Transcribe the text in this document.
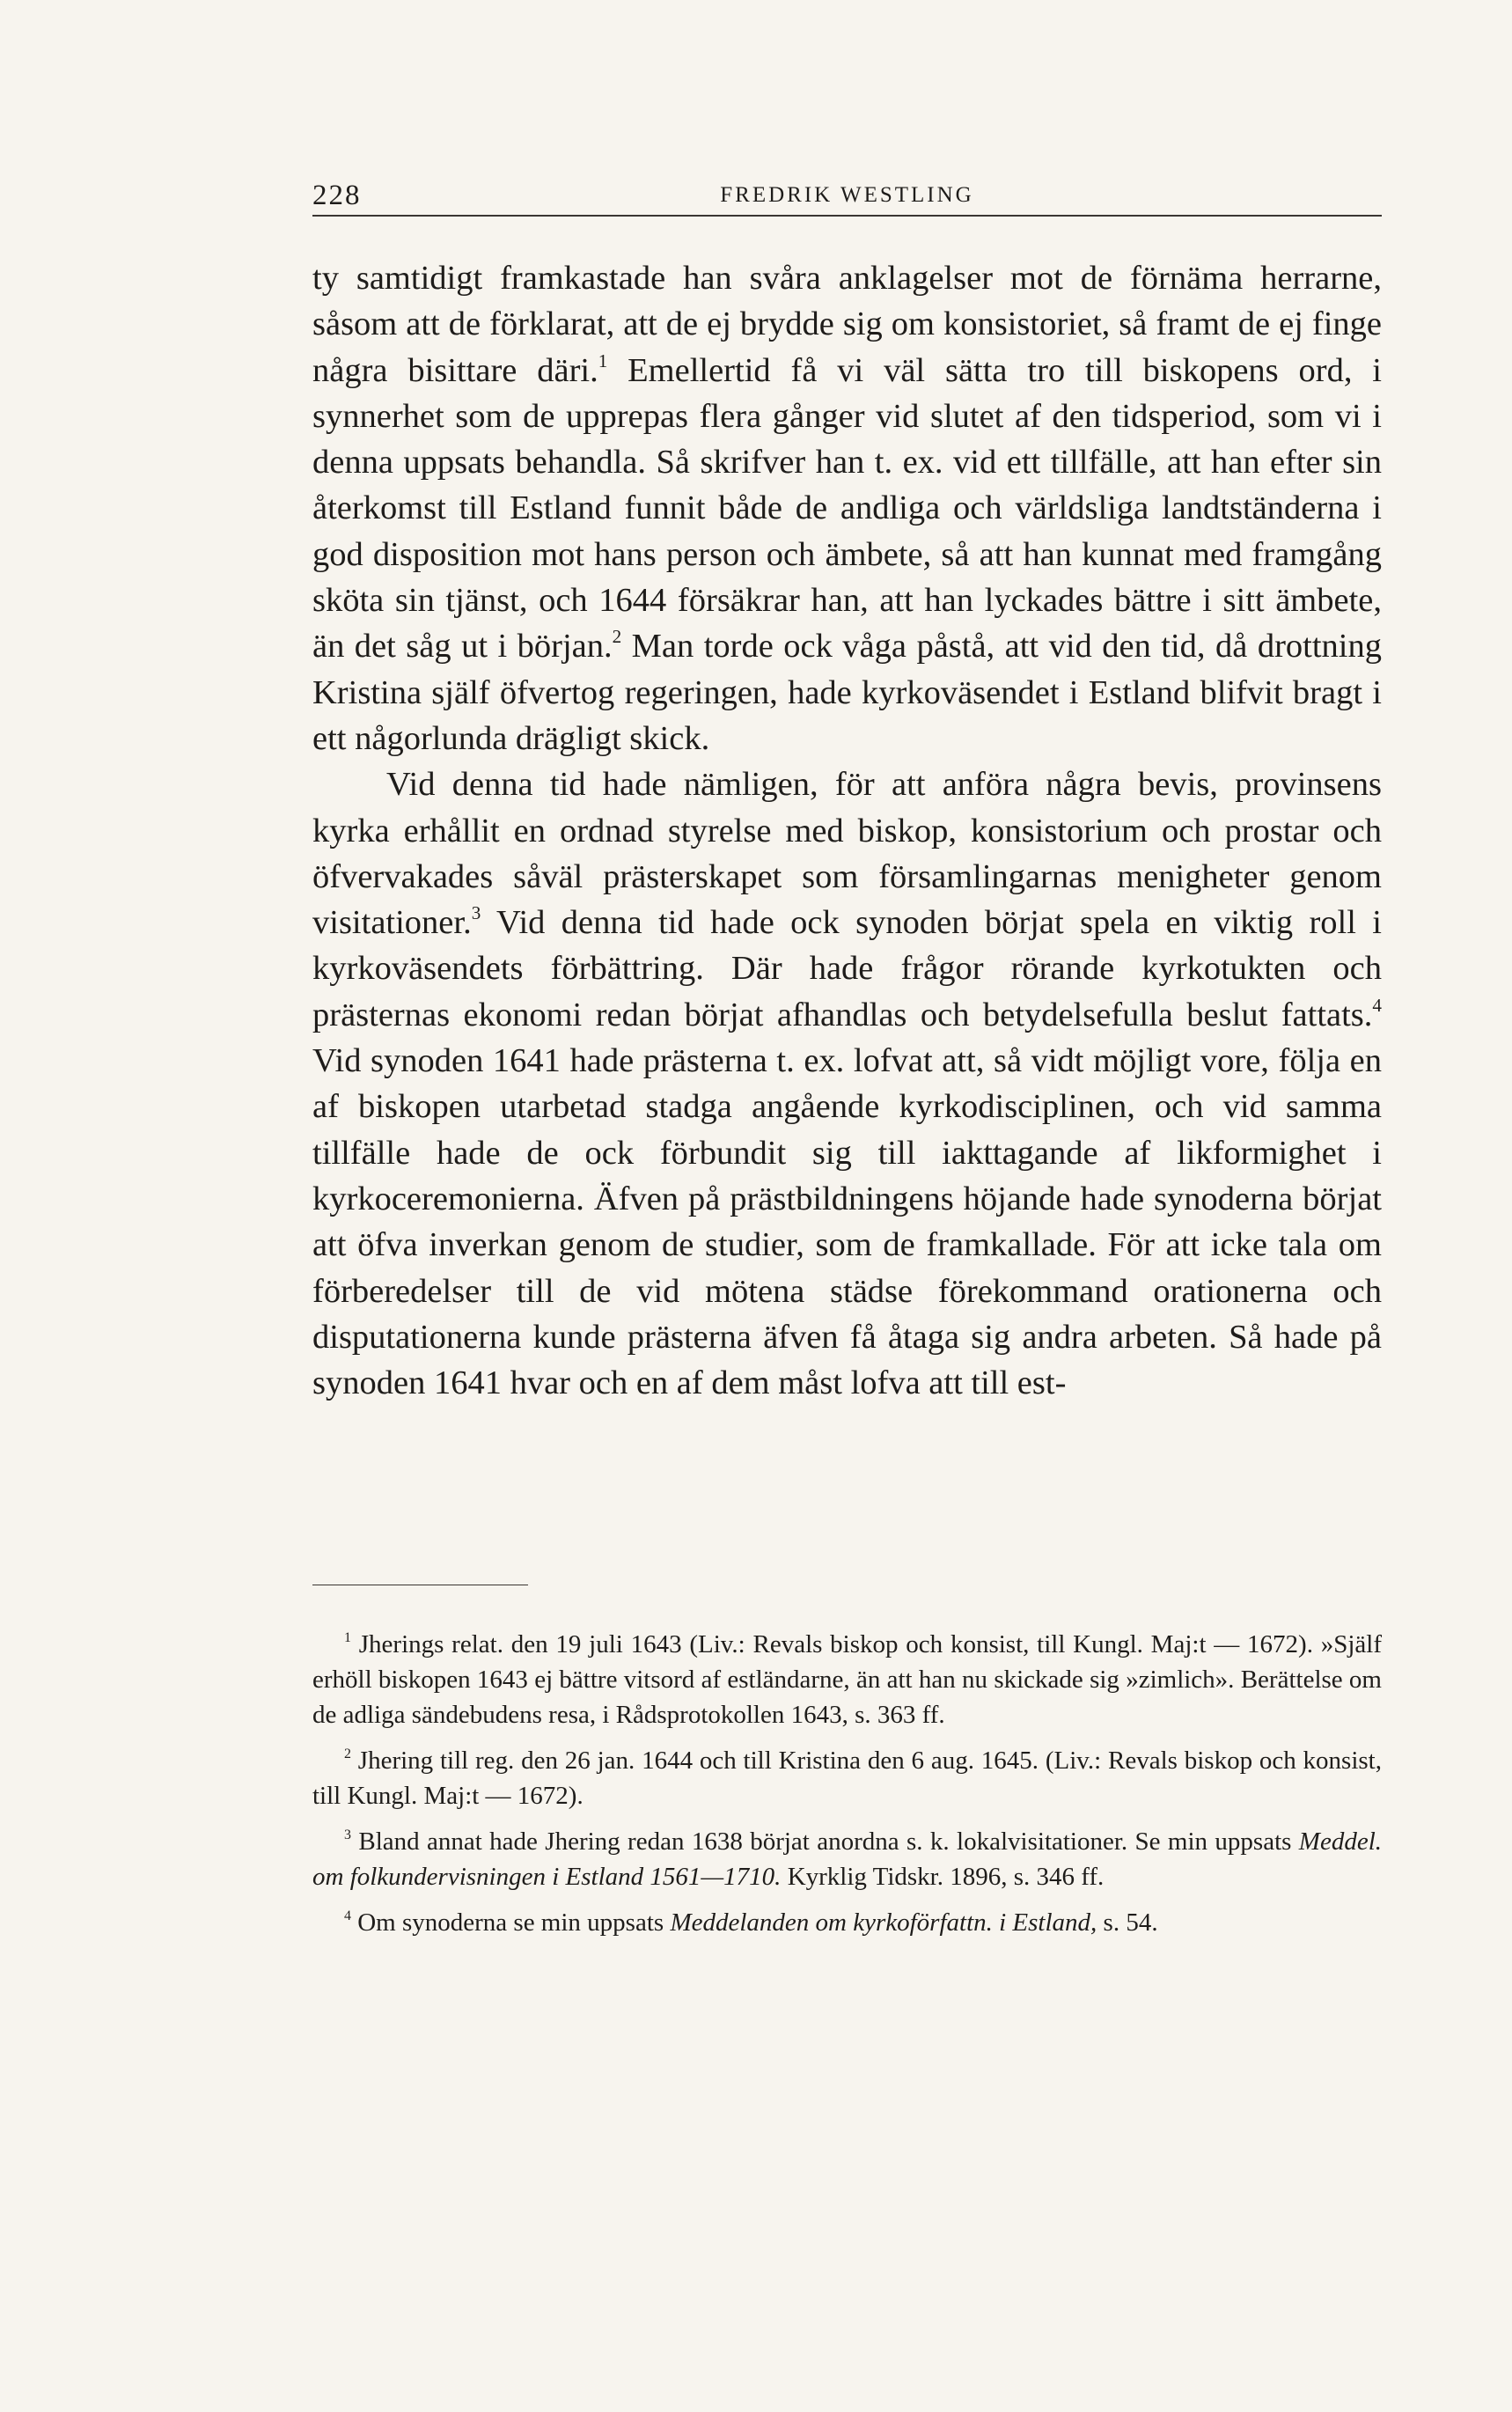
228	FREDRIK WESTLING

ty samtidigt framkastade han svåra anklagelser mot de förnäma herrarne, såsom att de förklarat, att de ej brydde sig om konsistoriet, så framt de ej finge några bisittare däri.$^1$ Emellertid få vi väl sätta tro till biskopens ord, i synnerhet som de upprepas flera gånger vid slutet af den tidsperiod, som vi i denna uppsats behandla. Så skrifver han t. ex. vid ett tillfälle, att han efter sin återkomst till Estland funnit både de andliga och världsliga landtständerna i god disposition mot hans person och ämbete, så att han kunnat med framgång sköta sin tjänst, och 1644 försäkrar han, att han lyckades bättre i sitt ämbete, än det såg ut i början.$^2$ Man torde ock våga påstå, att vid den tid, då drottning Kristina själf öfvertog regeringen, hade kyrkoväsendet i Estland blifvit bragt i ett någorlunda drägligt skick.

Vid denna tid hade nämligen, för att anföra några bevis, provinsens kyrka erhållit en ordnad styrelse med biskop, konsistorium och prostar och öfvervakades såväl prästerskapet som församlingarnas menigheter genom visitationer.$^3$ Vid denna tid hade ock synoden börjat spela en viktig roll i kyrkoväsendets förbättring. Där hade frågor rörande kyrkotukten och prästernas ekonomi redan börjat afhandlas och betydelsefulla beslut fattats.$^4$ Vid synoden 1641 hade prästerna t. ex. lofvat att, så vidt möjligt vore, följa en af biskopen utarbetad stadga angående kyrkodisciplinen, och vid samma tillfälle hade de ock förbundit sig till iakttagande af likformighet i kyrkoceremonierna. Äfven på prästbildningens höjande hade synoderna börjat att öfva inverkan genom de studier, som de framkallade. För att icke tala om förberedelser till de vid mötena städse förekommand orationerna och disputationerna kunde prästerna äfven få åtaga sig andra arbeten. Så hade på synoden 1641 hvar och en af dem måst lofva att till est-

$^1$ Jherings relat. den 19 juli 1643 (Liv.: Revals biskop och konsist, till Kungl. Maj:t — 1672). »Själf erhöll biskopen 1643 ej bättre vitsord af estländarne, än att han nu skickade sig »zimlich». Berättelse om de adliga sändebudens resa, i Rådsprotokollen 1643, s. 363 ff.

$^2$ Jhering till reg. den 26 jan. 1644 och till Kristina den 6 aug. 1645. (Liv.: Revals biskop och konsist, till Kungl. Maj:t — 1672).

$^3$ Bland annat hade Jhering redan 1638 börjat anordna s. k. lokalvisitationer. Se min uppsats Meddel. om folkundervisningen i Estland 1561—1710. Kyrklig Tidskr. 1896, s. 346 ff.

$^4$ Om synoderna se min uppsats Meddelanden om kyrkoförfattn. i Estland, s. 54.
